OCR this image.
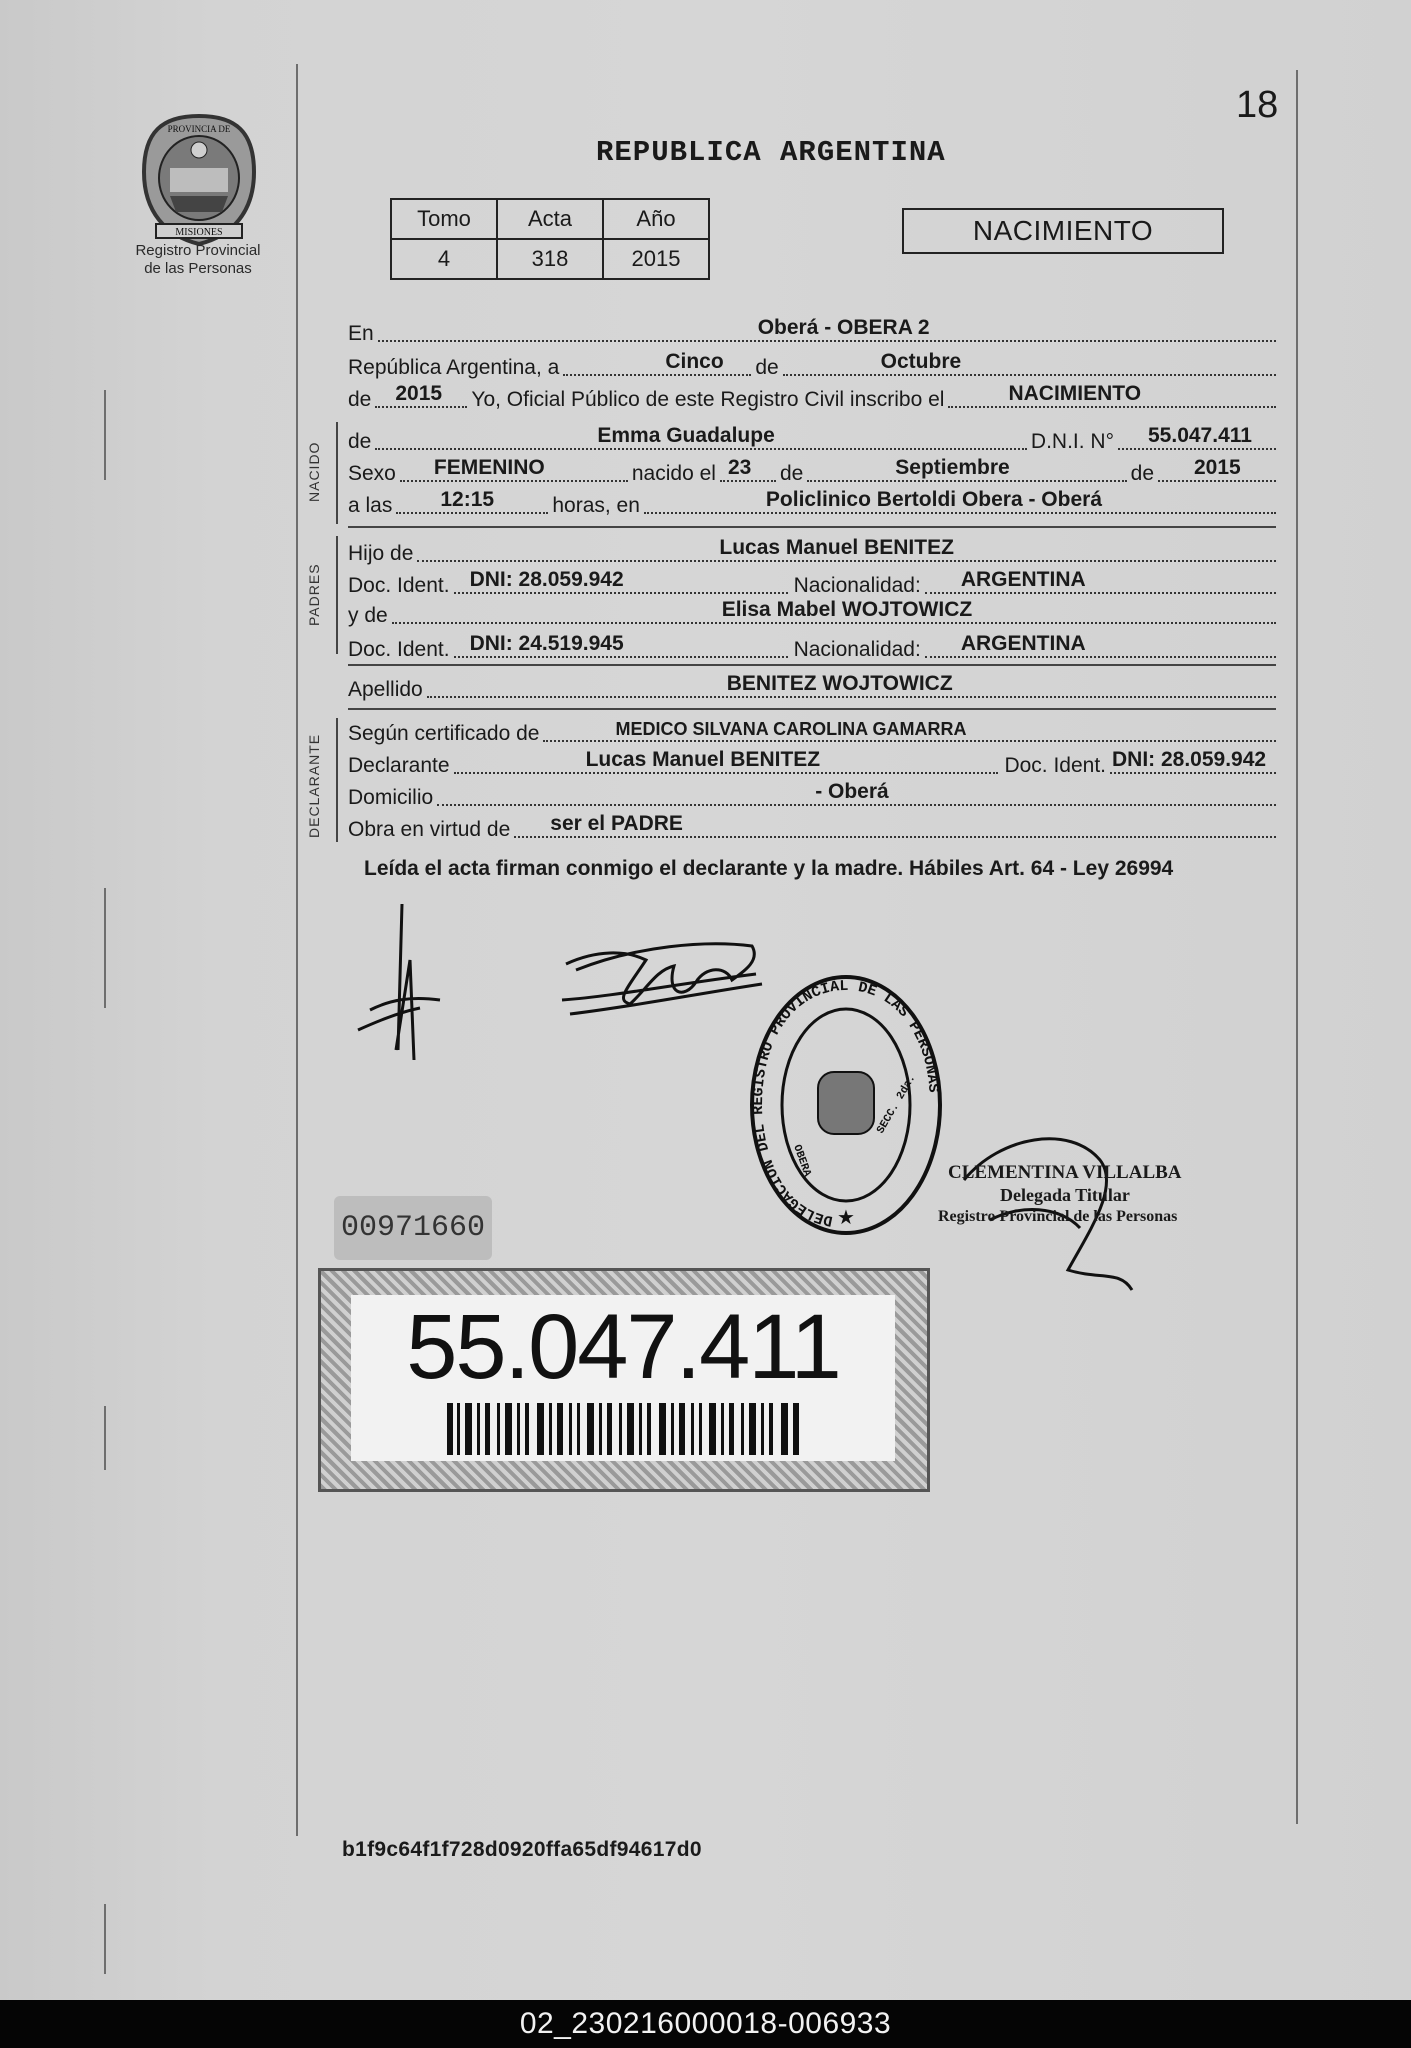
18
PROVINCIA DE
MISIONES
Registro Provincial
de las Personas
REPUBLICA ARGENTINA
Tomo	Acta	Año
4	318	2015
NACIMIENTO
En	Oberá - OBERA 2
República Argentina, a	Cinco de	Octubre
de 2015 Yo, Oficial Público de este Registro Civil inscribo el	NACIMIENTO
NACIDO
de	Emma Guadalupe	D.N.I. N° 55.047.411
Sexo FEMENINO	nacido el 23 de	Septiembre	de 2015
a las 12:15	horas, en	Policlinico Bertoldi Obera - Oberá
PADRES
Hijo de	Lucas Manuel BENITEZ
Doc. Ident. DNI: 28.059.942	Nacionalidad: ARGENTINA
y de	Elisa Mabel WOJTOWICZ
Doc. Ident. DNI: 24.519.945	Nacionalidad: ARGENTINA
Apellido	BENITEZ WOJTOWICZ
DECLARANTE
Según certificado de	MEDICO SILVANA CAROLINA GAMARRA
Declarante	Lucas Manuel BENITEZ	Doc. Ident. DNI: 28.059.942
Domicilio	- Oberá
Obra en virtud de ser el PADRE
Leída el acta firman conmigo el declarante y la madre. Hábiles Art. 64 - Ley 26994
DELEGACION DEL REGISTRO PROVINCIAL DE LAS PERSONAS
OBERA
SECC. 2da.
★
CLEMENTINA VILLALBA
Delegada Titular
Registro Provincial de las Personas
00971660
55.047.411
b1f9c64f1f728d0920ffa65df94617d0
02_230216000018-006933
